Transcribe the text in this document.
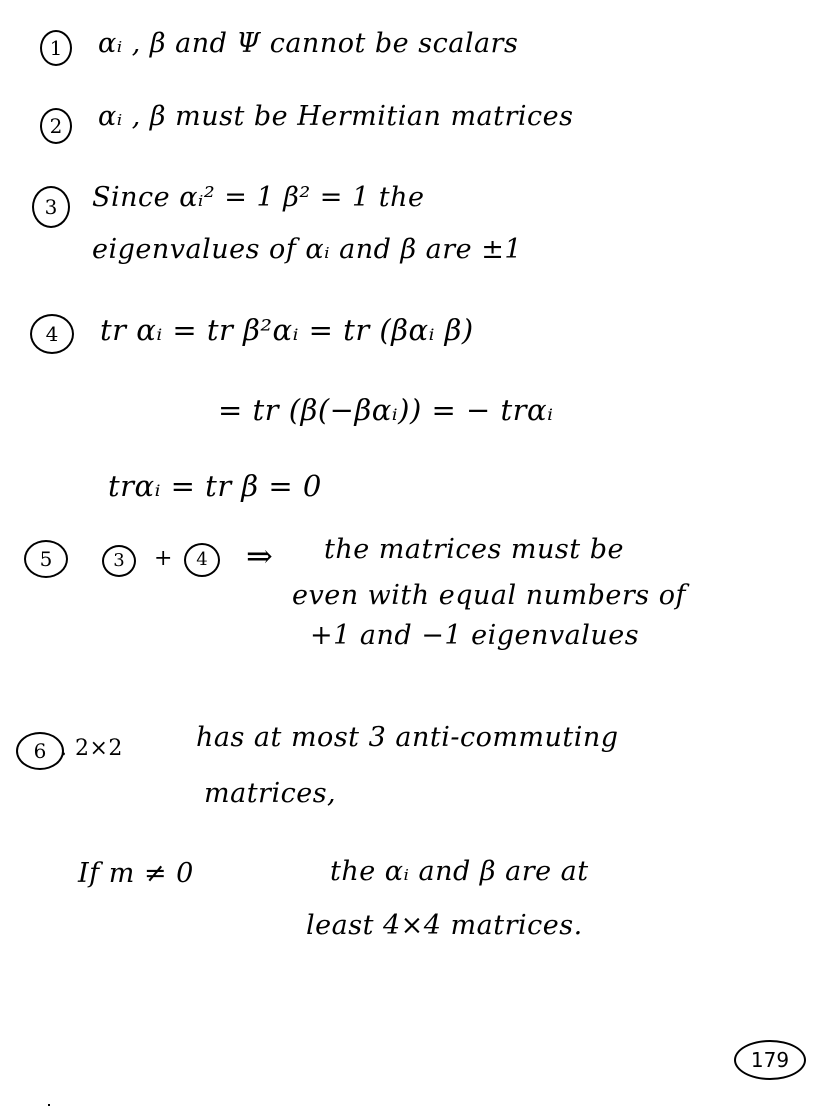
1 αᵢ , β and Ψ cannot be scalars
2 αᵢ , β must be Hermitian matrices
3 Since αᵢ² = 1 β² = 1 the
eigenvalues of αᵢ and β are ±1
4 tr αᵢ = tr β²αᵢ = tr (βαᵢ β)
= tr (β(−βαᵢ)) = − trαᵢ
trαᵢ = tr β = 0
5	3 + 4 ⇒ the matrices must be
even with equal numbers of
+1 and −1 eigenvalues
6 . 2×2	has at most 3 anti-commuting
matrices,
If m ≠ 0	the αᵢ and β are at
least 4×4 matrices.
179
